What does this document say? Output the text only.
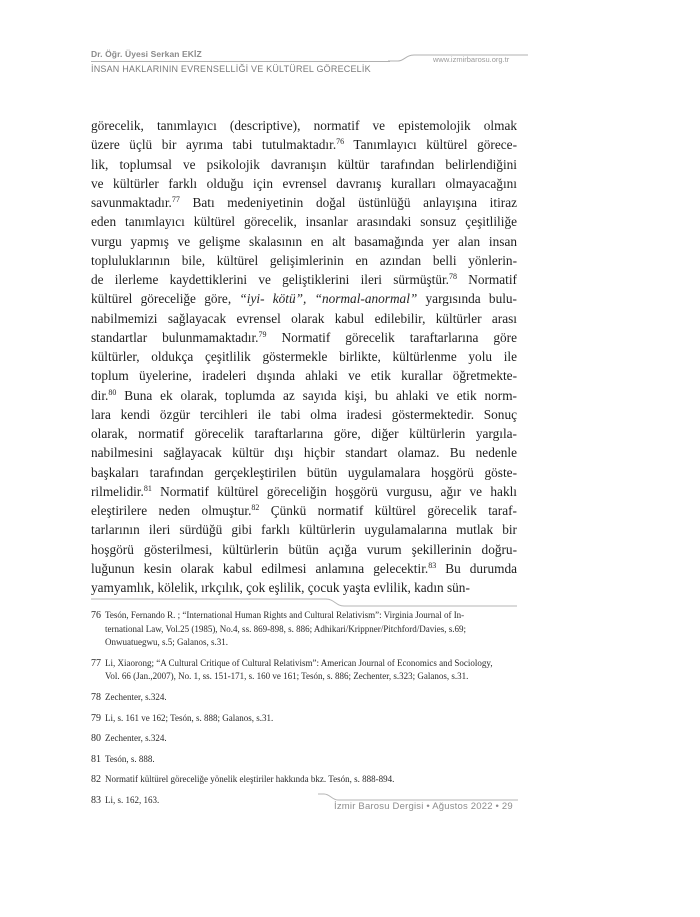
Dr. Öğr. Üyesi Serkan EKİZ
www.izmirbarosu.org.tr
İNSAN HAKLARININ EVRENSELLİĞİ VE KÜLTÜREL GÖRECELİK
görecelik, tanımlayıcı (descriptive), normatif ve epistemolojik olmak
üzere üçlü bir ayrıma tabi tutulmaktadır.$^{76}$ Tanımlayıcı kültürel görece-
lik, toplumsal ve psikolojik davranışın kültür tarafından belirlendiğini
ve kültürler farklı olduğu için evrensel davranış kuralları olmayacağını
savunmaktadır.$^{77}$ Batı medeniyetinin doğal üstünlüğü anlayışına itiraz
eden tanımlayıcı kültürel görecelik, insanlar arasındaki sonsuz çeşitliliğe
vurgu yapmış ve gelişme skalasının en alt basamağında yer alan insan
topluluklarının bile, kültürel gelişimlerinin en azından belli yönlerin-
de ilerleme kaydettiklerini ve geliştiklerini ileri sürmüştür.$^{78}$ Normatif
kültürel göreceliğe göre, “iyi- kötü”, “normal-anormal” yargısında bulu-
nabilmemizi sağlayacak evrensel olarak kabul edilebilir, kültürler arası
standartlar bulunmamaktadır.$^{79}$ Normatif görecelik taraftarlarına göre
kültürler, oldukça çeşitlilik göstermekle birlikte, kültürlenme yolu ile
toplum üyelerine, iradeleri dışında ahlaki ve etik kurallar öğretmekte-
dir.$^{80}$ Buna ek olarak, toplumda az sayıda kişi, bu ahlaki ve etik norm-
lara kendi özgür tercihleri ile tabi olma iradesi göstermektedir. Sonuç
olarak, normatif görecelik taraftarlarına göre, diğer kültürlerin yargıla-
nabilmesini sağlayacak kültür dışı hiçbir standart olamaz. Bu nedenle
başkaları tarafından gerçekleştirilen bütün uygulamalara hoşgörü göste-
rilmelidir.$^{81}$ Normatif kültürel göreceliğin hoşgörü vurgusu, ağır ve haklı
eleştirilere neden olmuştur.$^{82}$ Çünkü normatif kültürel görecelik taraf-
tarlarının ileri sürdüğü gibi farklı kültürlerin uygulamalarına mutlak bir
hoşgörü gösterilmesi, kültürlerin bütün açığa vurum şekillerinin doğru-
luğunun kesin olarak kabul edilmesi anlamına gelecektir.$^{83}$ Bu durumda
yamyamlık, kölelik, ırkçılık, çok eşlilik, çocuk yaşta evlilik, kadın sün-
76 Tesón, Fernando R. ; “International Human Rights and Cultural Relativism”: Virginia Journal of In-
ternational Law, Vol.25 (1985), No.4, ss. 869-898, s. 886; Adhikari/Krippner/Pitchford/Davies, s.69;
Onwuatuegwu, s.5; Galanos, s.31.
77 Li, Xiaorong; “A Cultural Critique of Cultural Relativism”: American Journal of Economics and Sociology,
Vol. 66 (Jan.,2007), No. 1, ss. 151-171, s. 160 ve 161; Tesón, s. 886; Zechenter, s.323; Galanos, s.31.
78 Zechenter, s.324.
79 Li, s. 161 ve 162; Tesón, s. 888; Galanos, s.31.
80 Zechenter, s.324.
81 Tesón, s. 888.
82 Normatif kültürel göreceliğe yönelik eleştiriler hakkında bkz. Tesón, s. 888-894.
83 Li, s. 162, 163.
İzmir Barosu Dergisi • Ağustos 2022 • 29
